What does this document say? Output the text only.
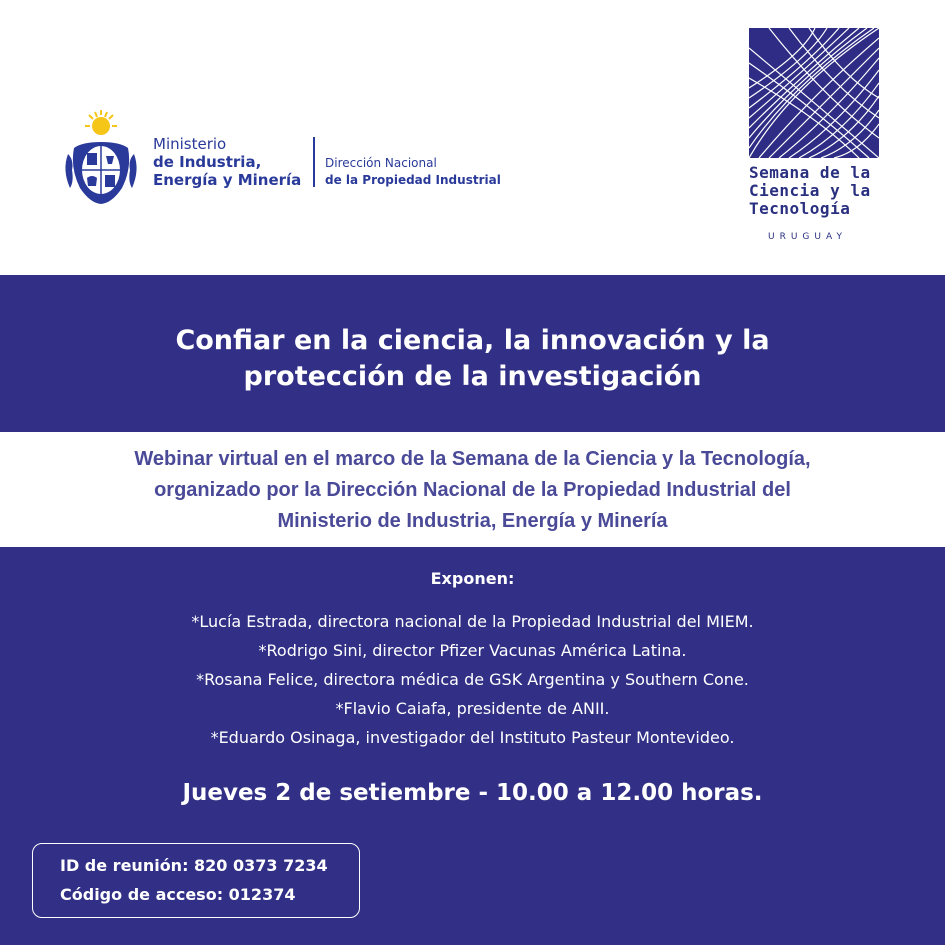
Ministerio
de Industria,
Energía y Minería
Dirección Nacional
de la Propiedad Industrial	Semana de la
Ciencia y la
Tecnología
URUGUAY
Confiar en la ciencia, la innovación y la
protección de la investigación
Webinar virtual en el marco de la Semana de la Ciencia y la Tecnología,
organizado por la Dirección Nacional de la Propiedad Industrial del
Ministerio de Industria, Energía y Minería
Exponen:
*Lucía Estrada, directora nacional de la Propiedad Industrial del MIEM.
*Rodrigo Sini, director Pfizer Vacunas América Latina.
*Rosana Felice, directora médica de GSK Argentina y Southern Cone.
*Flavio Caiafa, presidente de ANII.
*Eduardo Osinaga, investigador del Instituto Pasteur Montevideo.
Jueves 2 de setiembre - 10.00 a 12.00 horas.
ID de reunión: 820 0373 7234
Código de acceso: 012374
